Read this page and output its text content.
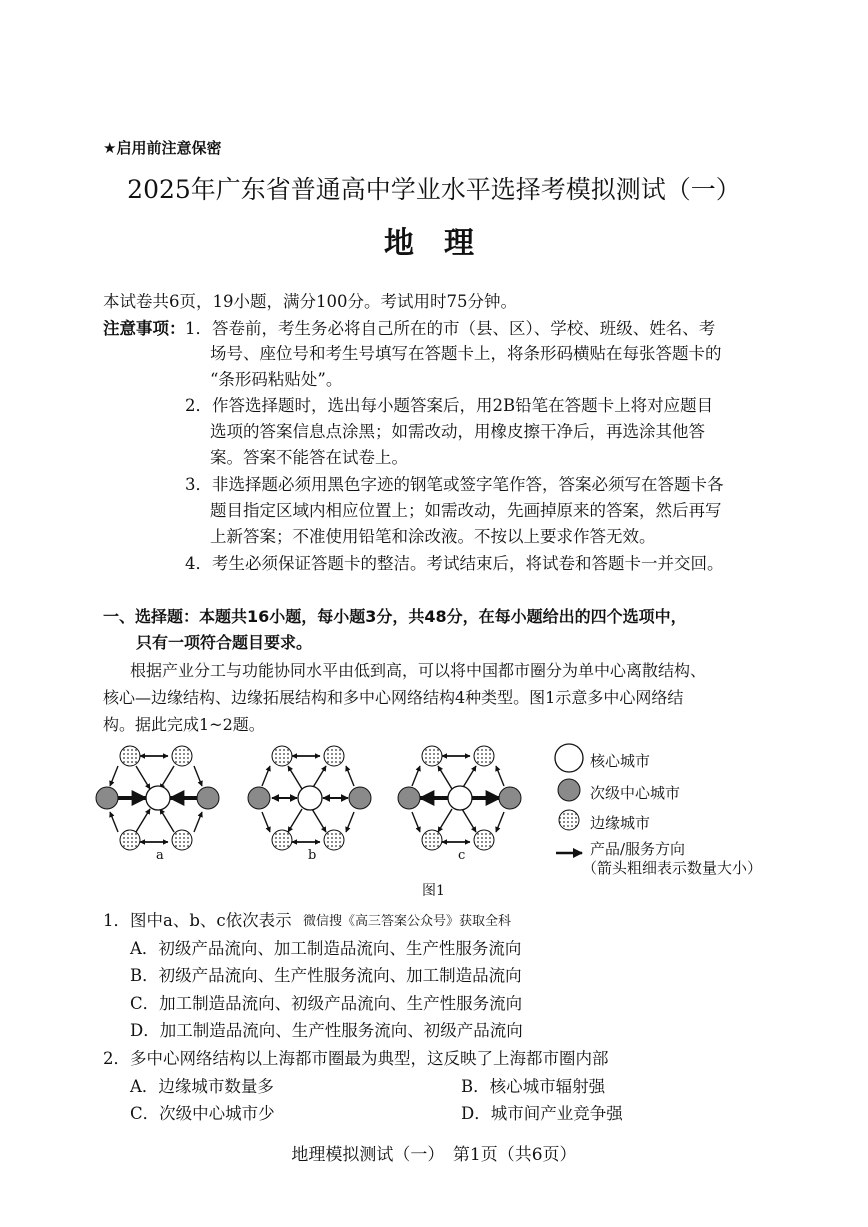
★启用前注意保密
2025年广东省普通高中学业水平选择考模拟测试（一）
地理
本试卷共6页，19小题，满分100分。考试用时75分钟。
注意事项： 1．答卷前，考生务必将自己所在的市（县、区）、学校、班级、姓名、考
场号、座位号和考生号填写在答题卡上，将条形码横贴在每张答题卡的
“条形码粘贴处”。
2．作答选择题时，选出每小题答案后，用2B铅笔在答题卡上将对应题目
选项的答案信息点涂黑；如需改动，用橡皮擦干净后，再选涂其他答
案。答案不能答在试卷上。
3．非选择题必须用黑色字迹的钢笔或签字笔作答，答案必须写在答题卡各
题目指定区域内相应位置上；如需改动，先画掉原来的答案，然后再写
上新答案；不准使用铅笔和涂改液。不按以上要求作答无效。
4．考生必须保证答题卡的整洁。考试结束后，将试卷和答题卡一并交回。
一、选择题：本题共16小题，每小题3分，共48分，在每小题给出的四个选项中，
只有一项符合题目要求。
根据产业分工与功能协同水平由低到高，可以将中国都市圈分为单中心离散结构、
核心—边缘结构、边缘拓展结构和多中心网络结构4种类型。图1示意多中心网络结
构。据此完成1~2题。
a	b	c
核心城市
次级中心城市
边缘城市
产品/服务方向
（箭头粗细表示数量大小）
图1
1．图中a、b、c依次表示 微信搜《高三答案公众号》获取全科
A．初级产品流向、加工制造品流向、生产性服务流向
B．初级产品流向、生产性服务流向、加工制造品流向
C．加工制造品流向、初级产品流向、生产性服务流向
D．加工制造品流向、生产性服务流向、初级产品流向
2．多中心网络结构以上海都市圈最为典型，这反映了上海都市圈内部
A．边缘城市数量多	B．核心城市辐射强
C．次级中心城市少	D．城市间产业竞争强
地理模拟测试（一）　第1页（共6页）
